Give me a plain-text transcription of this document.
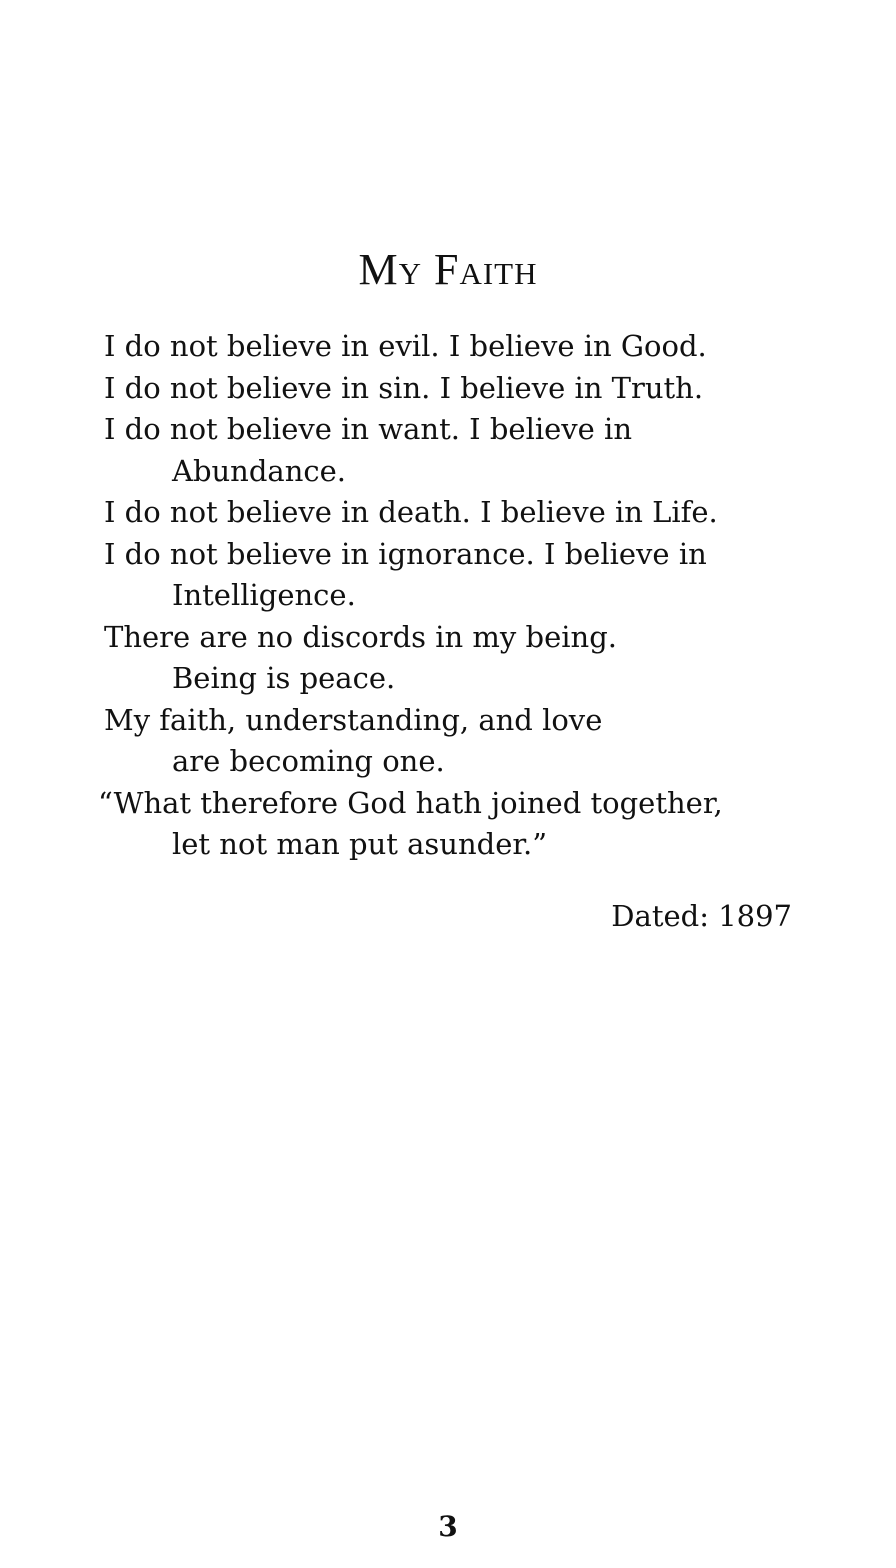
My Faith

I do not believe in evil. I believe in Good.

I do not believe in sin. I believe in Truth.

I do not believe in want. I believe in

Abundance.

I do not believe in death. I believe in Life.

I do not believe in ignorance. I believe in

Intelligence.

There are no discords in my being.

Being is peace.

My faith, understanding, and love

are becoming one.

“What therefore God hath joined together,

let not man put asunder.”

Dated: 1897
3
